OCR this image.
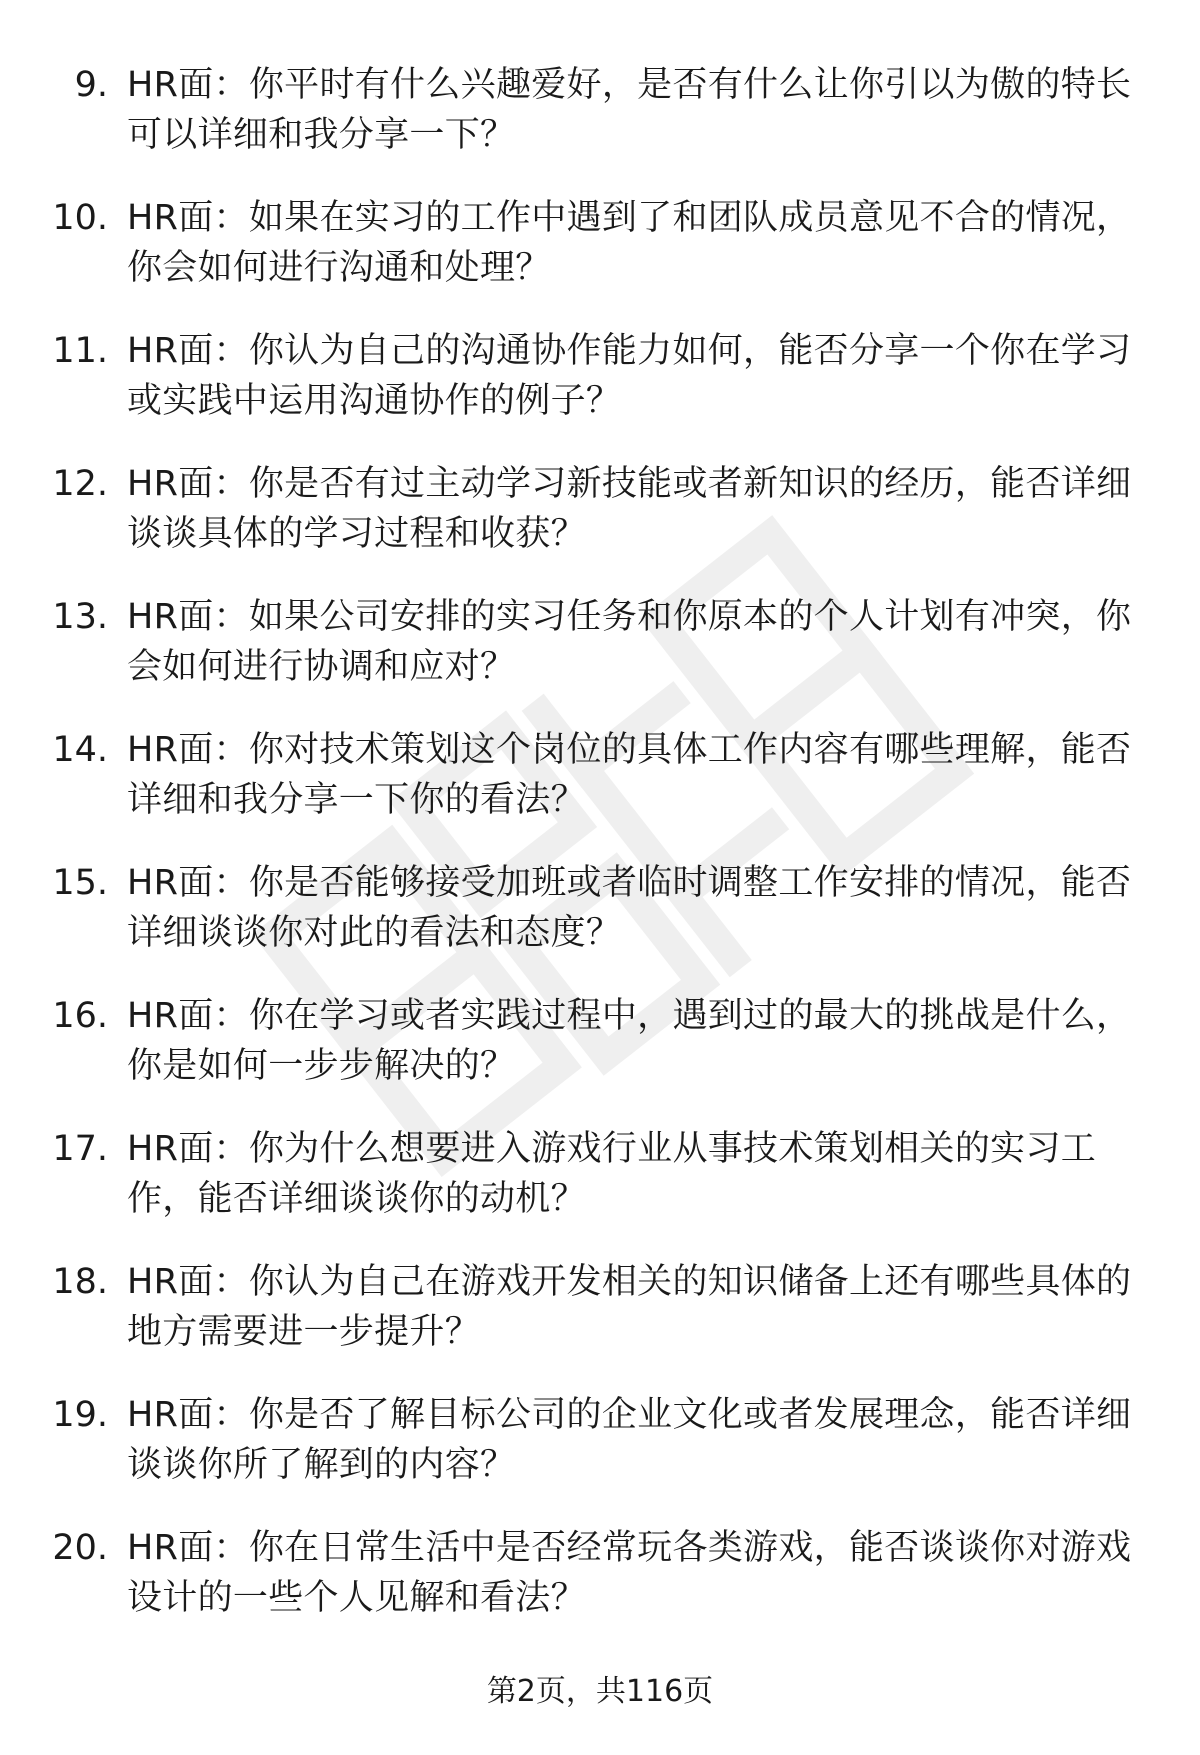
9. HR面：你平时有什么兴趣爱好，是否有什么让你引以为傲的特长
可以详细和我分享一下？
10. HR面：如果在实习的工作中遇到了和团队成员意见不合的情况，
你会如何进行沟通和处理？
11. HR面：你认为自己的沟通协作能力如何，能否分享一个你在学习
或实践中运用沟通协作的例子？
12. HR面：你是否有过主动学习新技能或者新知识的经历，能否详细
谈谈具体的学习过程和收获？
13. HR面：如果公司安排的实习任务和你原本的个人计划有冲突，你
会如何进行协调和应对？
14. HR面：你对技术策划这个岗位的具体工作内容有哪些理解，能否
详细和我分享一下你的看法？
15. HR面：你是否能够接受加班或者临时调整工作安排的情况，能否
详细谈谈你对此的看法和态度？
16. HR面：你在学习或者实践过程中，遇到过的最大的挑战是什么，
你是如何一步步解决的？
17. HR面：你为什么想要进入游戏行业从事技术策划相关的实习工
作，能否详细谈谈你的动机？
18. HR面：你认为自己在游戏开发相关的知识储备上还有哪些具体的
地方需要进一步提升？
19. HR面：你是否了解目标公司的企业文化或者发展理念，能否详细
谈谈你所了解到的内容？
20. HR面：你在日常生活中是否经常玩各类游戏，能否谈谈你对游戏
设计的一些个人见解和看法？
第2页，共116页
